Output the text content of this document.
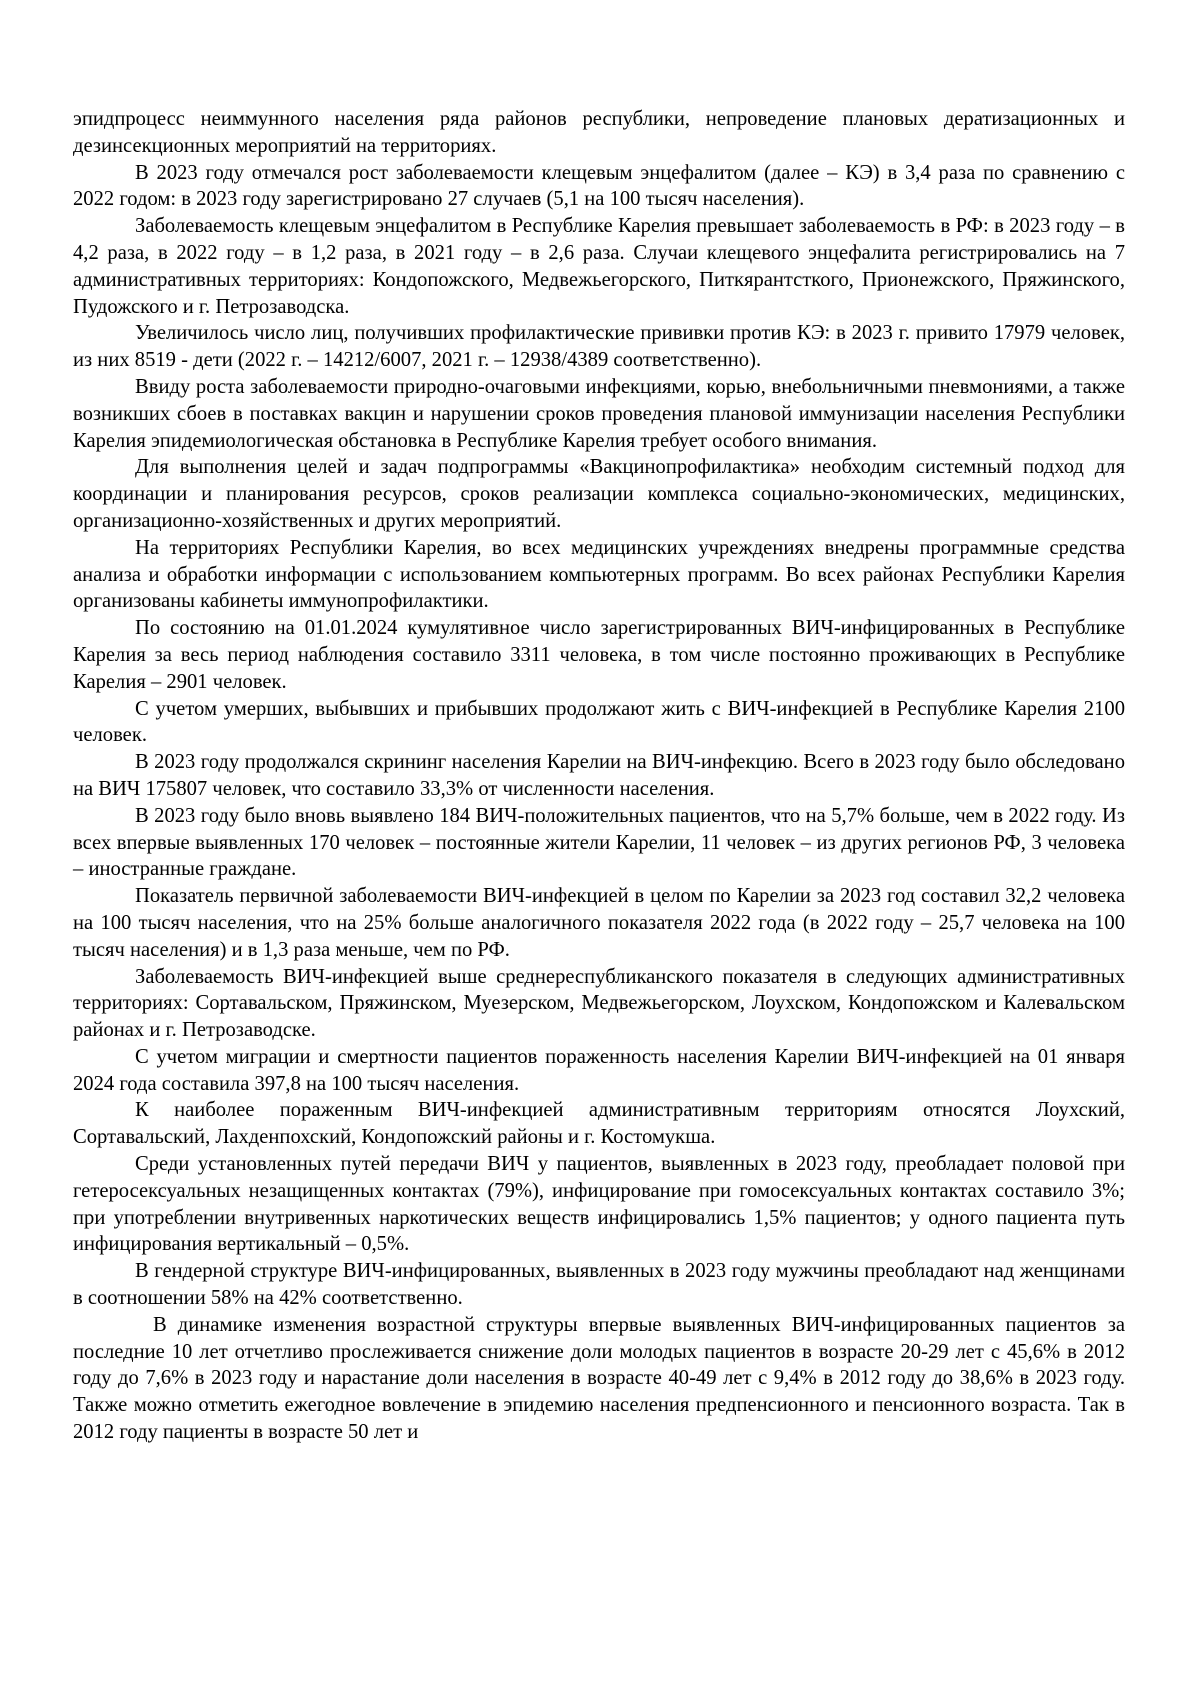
эпидпроцесс неиммунного населения ряда районов республики, непроведение плановых дератизационных и дезинсекционных мероприятий на территориях.

В 2023 году отмечался рост заболеваемости клещевым энцефалитом (далее – КЭ) в 3,4 раза по сравнению с 2022 годом: в 2023 году зарегистрировано 27 случаев (5,1 на 100 тысяч населения).

Заболеваемость клещевым энцефалитом в Республике Карелия превышает заболеваемость в РФ: в 2023 году – в 4,2 раза, в 2022 году – в 1,2 раза, в 2021 году – в 2,6 раза. Случаи клещевого энцефалита регистрировались на 7 административных территориях: Кондопожского, Медвежьегорского, Питкярантсткого, Прионежского, Пряжинского, Пудожского и г. Петрозаводска.

Увеличилось число лиц, получивших профилактические прививки против КЭ: в 2023 г. привито 17979 человек, из них 8519 - дети (2022 г. – 14212/6007, 2021 г. – 12938/4389 соответственно).

Ввиду роста заболеваемости природно-очаговыми инфекциями, корью, внебольничными пневмониями, а также возникших сбоев в поставках вакцин и нарушении сроков проведения плановой иммунизации населения Республики Карелия эпидемиологическая обстановка в Республике Карелия требует особого внимания.

Для выполнения целей и задач подпрограммы «Вакцинопрофилактика» необходим системный подход для координации и планирования ресурсов, сроков реализации комплекса социально-экономических, медицинских, организационно-хозяйственных и других мероприятий.

На территориях Республики Карелия, во всех медицинских учреждениях внедрены программные средства анализа и обработки информации с использованием компьютерных программ. Во всех районах Республики Карелия организованы кабинеты иммунопрофилактики.

По состоянию на 01.01.2024 кумулятивное число зарегистрированных ВИЧ-инфицированных в Республике Карелия за весь период наблюдения составило 3311 человека, в том числе постоянно проживающих в Республике Карелия – 2901 человек.

С учетом умерших, выбывших и прибывших продолжают жить с ВИЧ-инфекцией в Республике Карелия 2100 человек.

В 2023 году продолжался скрининг населения Карелии на ВИЧ-инфекцию. Всего в 2023 году было обследовано на ВИЧ 175807 человек, что составило 33,3% от численности населения.

В 2023 году было вновь выявлено 184 ВИЧ-положительных пациентов, что на 5,7% больше, чем в 2022 году. Из всех впервые выявленных 170 человек – постоянные жители Карелии, 11 человек – из других регионов РФ, 3 человека – иностранные граждане.

Показатель первичной заболеваемости ВИЧ-инфекцией в целом по Карелии за 2023 год составил 32,2 человека на 100 тысяч населения, что на 25% больше аналогичного показателя 2022 года (в 2022 году – 25,7 человека на 100 тысяч населения) и в 1,3 раза меньше, чем по РФ.

Заболеваемость ВИЧ-инфекцией выше среднереспубликанского показателя в следующих административных территориях: Сортавальском, Пряжинском, Муезерском, Медвежьегорском, Лоухском, Кондопожском и Калевальском районах и г. Петрозаводске.

С учетом миграции и смертности пациентов пораженность населения Карелии ВИЧ-инфекцией на 01 января 2024 года составила 397,8 на 100 тысяч населения.

К наиболее пораженным ВИЧ-инфекцией административным территориям относятся Лоухский, Сортавальский, Лахденпохский, Кондопожский районы и г. Костомукша.

Среди установленных путей передачи ВИЧ у пациентов, выявленных в 2023 году, преобладает половой при гетеросексуальных незащищенных контактах (79%), инфицирование при гомосексуальных контактах составило 3%; при употреблении внутривенных наркотических веществ инфицировались 1,5% пациентов; у одного пациента путь инфицирования вертикальный – 0,5%.

В гендерной структуре ВИЧ-инфицированных, выявленных в 2023 году мужчины преобладают над женщинами в соотношении 58% на 42% соответственно.

В динамике изменения возрастной структуры впервые выявленных ВИЧ-инфицированных пациентов за последние 10 лет отчетливо прослеживается снижение доли молодых пациентов в возрасте 20-29 лет с 45,6% в 2012 году до 7,6% в 2023 году и нарастание доли населения в возрасте 40-49 лет с 9,4% в 2012 году до 38,6% в 2023 году. Также можно отметить ежегодное вовлечение в эпидемию населения предпенсионного и пенсионного возраста. Так в 2012 году пациенты в возрасте 50 лет и
